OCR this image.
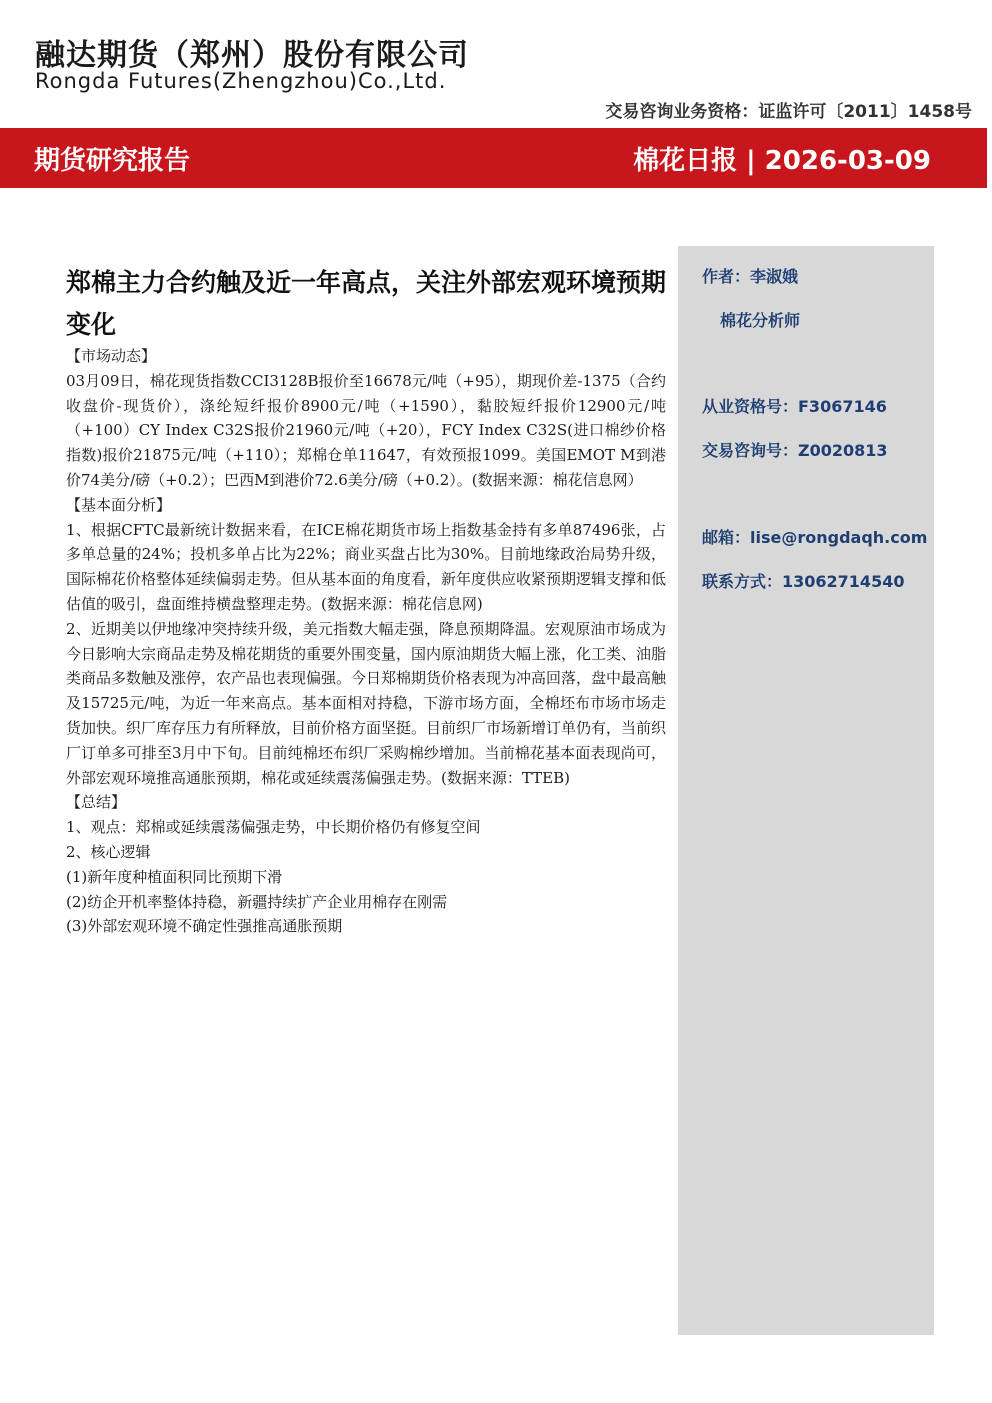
融达期货（郑州）股份有限公司
Rongda Futures(Zhengzhou)Co.,Ltd.
交易咨询业务资格：证监许可〔2011〕1458号
期货研究报告	棉花日报 | 2026-03-09
作者：李淑娥
棉花分析师
从业资格号：F3067146
交易咨询号：Z0020813
邮箱：lise@rongdaqh.com
联系方式：13062714540
郑棉主力合约触及近一年高点，关注外部宏观环境预期变化

【市场动态】

03月09日，棉花现货指数CCI3128B报价至16678元/吨（+95），期现价差-1375（合约收盘价-现货价），涤纶短纤报价8900元/吨（+1590），黏胶短纤报价12900元/吨（+100）CY Index C32S报价21960元/吨（+20），FCY Index C32S(进口棉纱价格指数)报价21875元/吨（+110）；郑棉仓单11647，有效预报1099。美国EMOT M到港价74美分/磅（+0.2）；巴西M到港价72.6美分/磅（+0.2）。(数据来源：棉花信息网）

【基本面分析】

1、根据CFTC最新统计数据来看，在ICE棉花期货市场上指数基金持有多单87496张，占多单总量的24%；投机多单占比为22%；商业买盘占比为30%。目前地缘政治局势升级，国际棉花价格整体延续偏弱走势。但从基本面的角度看，新年度供应收紧预期逻辑支撑和低估值的吸引，盘面维持横盘整理走势。(数据来源：棉花信息网)

2、近期美以伊地缘冲突持续升级，美元指数大幅走强，降息预期降温。宏观原油市场成为今日影响大宗商品走势及棉花期货的重要外围变量，国内原油期货大幅上涨，化工类、油脂类商品多数触及涨停，农产品也表现偏强。今日郑棉期货价格表现为冲高回落，盘中最高触及15725元/吨，为近一年来高点。基本面相对持稳，下游市场方面，全棉坯布市场市场走货加快。织厂库存压力有所释放，目前价格方面坚挺。目前织厂市场新增订单仍有，当前织厂订单多可排至3月中下旬。目前纯棉坯布织厂采购棉纱增加。当前棉花基本面表现尚可，外部宏观环境推高通胀预期，棉花或延续震荡偏强走势。(数据来源：TTEB)

【总结】

1、观点：郑棉或延续震荡偏强走势，中长期价格仍有修复空间

2、核心逻辑

(1)新年度种植面积同比预期下滑

(2)纺企开机率整体持稳，新疆持续扩产企业用棉存在刚需

(3)外部宏观环境不确定性强推高通胀预期
